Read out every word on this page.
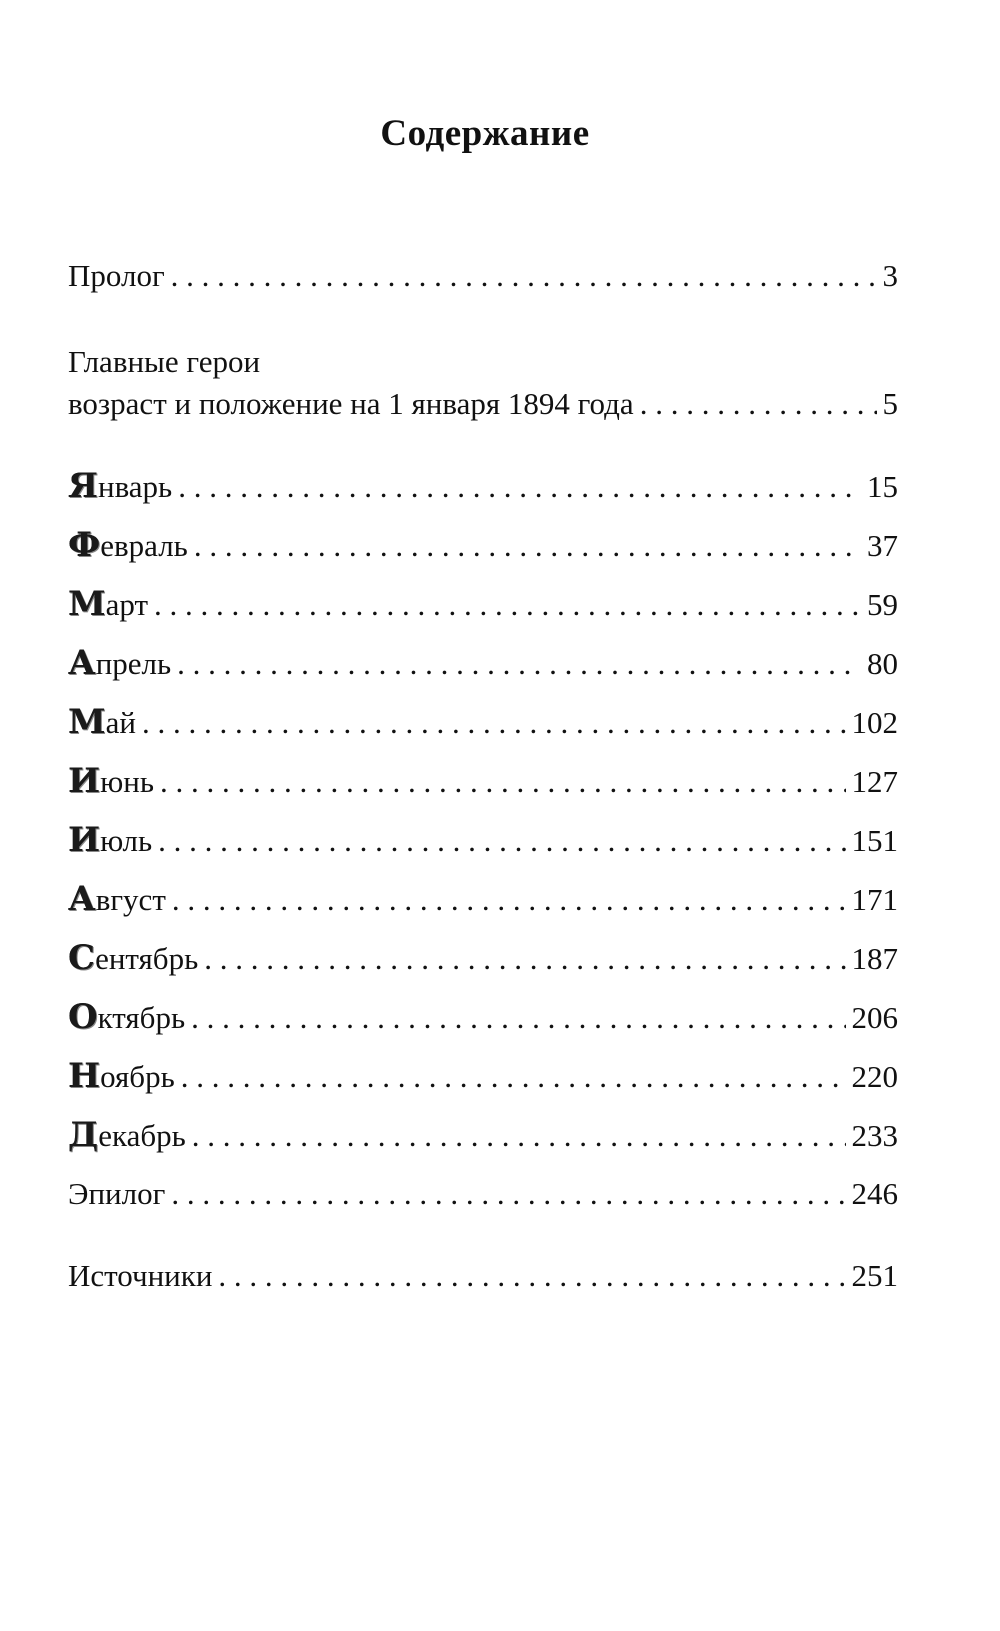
Содержание
Пролог . . .	3
Главные герои
возраст и положение на 1 января 1894 года . . .	5
Январь . . .	15
Февраль . . .	37
Март . . .	59
Апрель . . .	80
Май . . .	102
Июнь . . .	127
Июль . . .	151
Август . . .	171
Сентябрь . . .	187
Октябрь . . .	206
Ноябрь . . .	220
Декабрь . . .	233
Эпилог . . .	246
Источники . . .	251
